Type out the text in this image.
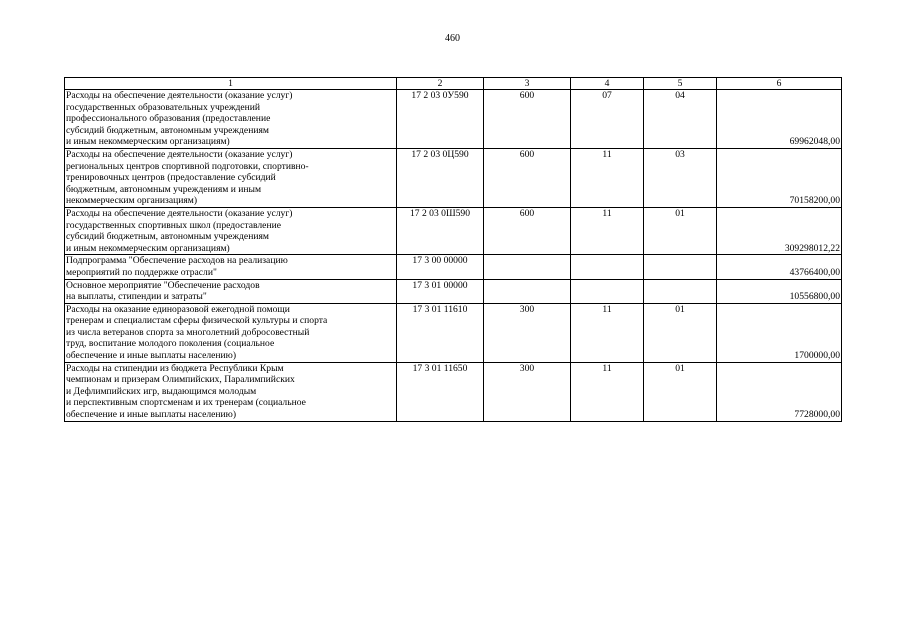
460
1	2	3	4	5	6
Расходы на обеспечение деятельности (оказание услуг)
государственных образовательных учреждений
профессионального образования (предоставление
субсидий бюджетным, автономным учреждениям
и иным некоммерческим организациям)	17 2 03 0У590	600	07	04	69962048,00
Расходы на обеспечение деятельности (оказание услуг)
региональных центров спортивной подготовки, спортивно-
тренировочных центров (предоставление субсидий
бюджетным, автономным учреждениям и иным
некоммерческим организациям)	17 2 03 0Ц590	600	11	03	70158200,00
Расходы на обеспечение деятельности (оказание услуг)
государственных спортивных школ (предоставление
субсидий бюджетным, автономным учреждениям
и иным некоммерческим организациям)	17 2 03 0Ш590	600	11	01	309298012,22
Подпрограмма "Обеспечение расходов на реализацию
мероприятий по поддержке отрасли"	17 3 00 00000				43766400,00
Основное мероприятие "Обеспечение расходов
на выплаты, стипендии и затраты"	17 3 01 00000				10556800,00
Расходы на оказание единоразовой ежегодной помощи
тренерам и специалистам сферы физической культуры и спорта
из числа ветеранов спорта за многолетний добросовестный
труд, воспитание молодого поколения (социальное
обеспечение и иные выплаты населению)	17 3 01 11610	300	11	01	1700000,00
Расходы на стипендии из бюджета Республики Крым
чемпионам и призерам Олимпийских, Паралимпийских
и Дефлимпийских игр, выдающимся молодым
и перспективным спортсменам и их тренерам (социальное
обеспечение и иные выплаты населению)	17 3 01 11650	300	11	01	7728000,00
